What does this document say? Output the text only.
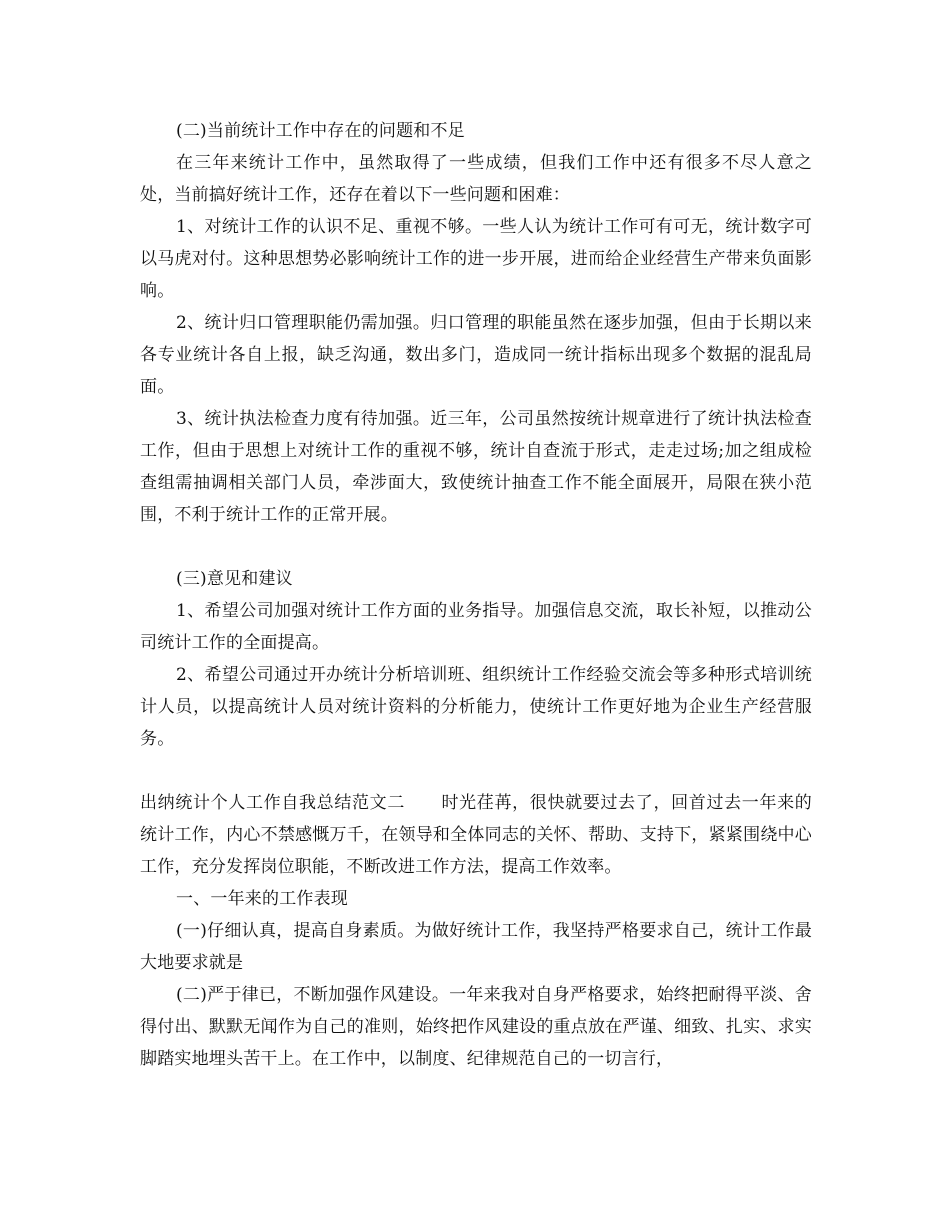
(二)当前统计工作中存在的问题和不足

在三年来统计工作中，虽然取得了一些成绩，但我们工作中还有很多不尽人意之处，当前搞好统计工作，还存在着以下一些问题和困难：

1、对统计工作的认识不足、重视不够。一些人认为统计工作可有可无，统计数字可以马虎对付。这种思想势必影响统计工作的进一步开展，进而给企业经营生产带来负面影响。

2、统计归口管理职能仍需加强。归口管理的职能虽然在逐步加强，但由于长期以来各专业统计各自上报，缺乏沟通，数出多门，造成同一统计指标出现多个数据的混乱局面。

3、统计执法检查力度有待加强。近三年，公司虽然按统计规章进行了统计执法检查工作，但由于思想上对统计工作的重视不够，统计自查流于形式，走走过场;加之组成检查组需抽调相关部门人员，牵涉面大，致使统计抽查工作不能全面展开，局限在狭小范围，不利于统计工作的正常开展。

(三)意见和建议

1、希望公司加强对统计工作方面的业务指导。加强信息交流，取长补短，以推动公司统计工作的全面提高。

2、希望公司通过开办统计分析培训班、组织统计工作经验交流会等多种形式培训统计人员，以提高统计人员对统计资料的分析能力，使统计工作更好地为企业生产经营服务。

出纳统计个人工作自我总结范文二 时光荏苒，很快就要过去了，回首过去一年来的统计工作，内心不禁感慨万千，在领导和全体同志的关怀、帮助、支持下，紧紧围绕中心工作，充分发挥岗位职能，不断改进工作方法，提高工作效率。

一、一年来的工作表现

(一)仔细认真，提高自身素质。为做好统计工作，我坚持严格要求自己，统计工作最大地要求就是

(二)严于律已，不断加强作风建设。一年来我对自身严格要求，始终把耐得平淡、舍得付出、默默无闻作为自己的准则，始终把作风建设的重点放在严谨、细致、扎实、求实脚踏实地埋头苦干上。在工作中，以制度、纪律规范自己的一切言行，
